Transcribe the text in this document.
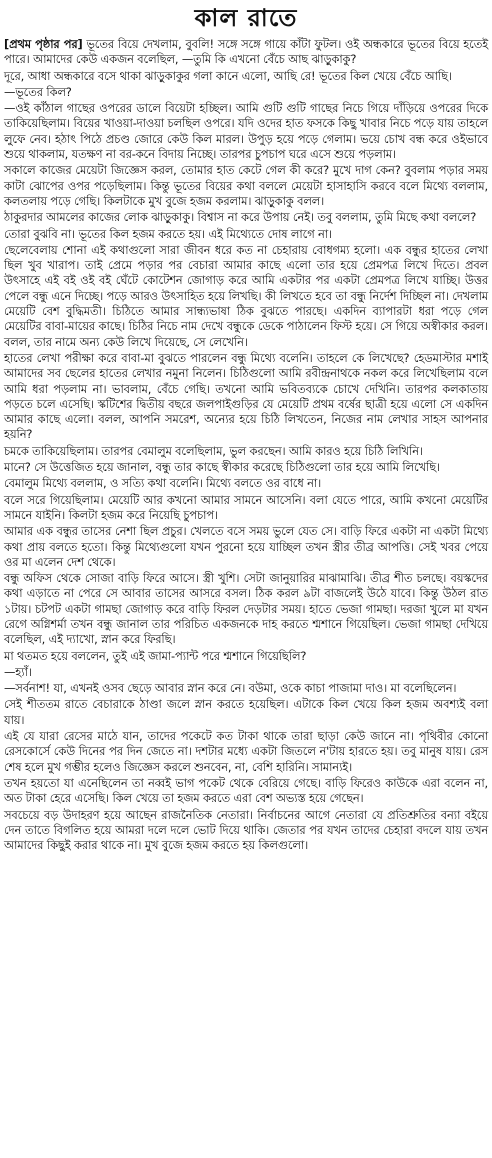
কাল রাতে

[প্রথম পৃষ্ঠার পর] ভূতের বিয়ে দেখলাম, বুবলি! সঙ্গে সঙ্গে গায়ে কাঁটা ফুটল। ওই অন্ধকারে ভূতের বিয়ে হতেই পারে। আমাদের কেউ একজন বলেছিল, —তুমি কি এখনো বেঁচে আছ ঝাড়ুকাকু?

দূরে, আধা অন্ধকারে বসে থাকা ঝাড়ুকাকুর গলা কানে এলো, আছি রে! ভূতের কিল খেয়ে বেঁচে আছি।

—ভূতের কিল?

—ওই কাঁঠাল গাছের ওপরের ডালে বিয়েটা হচ্ছিল। আমি গুটি গুটি গাছের নিচে গিয়ে দাঁড়িয়ে ওপরের দিকে তাকিয়েছিলাম। বিয়ের খাওয়া-দাওয়া চলছিল ওপরে। যদি ওদের হাত ফসকে কিছু খাবার নিচে পড়ে যায় তাহলে লুফে নেব। হঠাৎ পিঠে প্রচণ্ড জোরে কেউ কিল মারল। উপুড় হয়ে পড়ে গেলাম। ভয়ে চোখ বন্ধ করে ওইভাবে শুয়ে থাকলাম, যতক্ষণ না বর-কনে বিদায় নিচ্ছে। তারপর চুপচাপ ঘরে এসে শুয়ে পড়লাম।

সকালে কাজের মেয়েটা জিজ্ঞেস করল, তোমার হাত কেটে গেল কী করে? মুখে দাগ কেন? বুবলাম পড়ার সময় কাটা ঝোপের ওপর পড়েছিলাম। কিন্তু ভূতের বিয়ের কথা বললে মেয়েটা হাসাহাসি করবে বলে মিথ্যে বললাম, কলতলায় পড়ে গেছি। কিলটাকে মুখ বুজে হজম করলাম। ঝাড়ুকাকু বলল।

ঠাকুরদার আমলের কাজের লোক ঝাড়ুকাকু। বিশ্বাস না করে উপায় নেই। তবু বললাম, তুমি মিছে কথা বললে?

তোরা বুঝবি না। ভূতের কিল হজম করতে হয়। এই মিথ্যেতে দোষ লাগে না।

ছেলেবেলায় শোনা এই কথাগুলো সারা জীবন ধরে কত না চেহারায় বোধগম্য হলো। এক বন্ধুর হাতের লেখা ছিল খুব খারাপ। তাই প্রেমে পড়ার পর বেচারা আমার কাছে এলো তার হয়ে প্রেমপত্র লিখে দিতে। প্রবল উৎসাহে এই বই ওই বই ঘেঁটে কোটেশন জোগাড় করে আমি একটার পর একটা প্রেমপত্র লিখে যাচ্ছি। উত্তর পেলে বন্ধু এনে দিচ্ছে। পড়ে আরও উৎসাহিত হয়ে লিখছি। কী লিখতে হবে তা বন্ধু নির্দেশ দিচ্ছিল না। দেখলাম মেয়েটি বেশ বুদ্ধিমতী। চিঠিতে আমার সান্ধ্যভাষা ঠিক বুঝতে পারছে। একদিন ব্যাপারটা ধরা পড়ে গেল মেয়েটির বাবা-মায়ের কাছে। চিঠির নিচে নাম দেখে বন্ধুকে ডেকে পাঠালেন ফিস্ট হয়ে। সে গিয়ে অস্বীকার করল। বলল, তার নামে অন্য কেউ লিখে দিয়েছে, সে লেখেনি।

হাতের লেখা পরীক্ষা করে বাবা-মা বুঝতে পারলেন বন্ধু মিথ্যে বলেনি। তাহলে কে লিখেছে? হেডমাস্টার মশাই আমাদের সব ছেলের হাতের লেখার নমুনা নিলেন। চিঠিগুলো আমি রবীন্দ্রনাথকে নকল করে লিখেছিলাম বলে আমি ধরা পড়লাম না। ভাবলাম, বেঁচে গেছি। তখনো আমি ভবিতব্যকে চোখে দেখিনি। তারপর কলকাতায় পড়তে চলে এসেছি। স্কটিশের দ্বিতীয় বছরে জলপাইগুড়ির যে মেয়েটি প্রথম বর্ষের ছাত্রী হয়ে এলো সে একদিন আমার কাছে এলো। বলল, আপনি সমরেশ, অন্যের হয়ে চিঠি লিখতেন, নিজের নাম লেখার সাহস আপনার হয়নি?

চমকে তাকিয়েছিলাম। তারপর বেমালুম বলেছিলাম, ভুল করছেন। আমি কারও হয়ে চিঠি লিখিনি।

মানে? সে উত্তেজিত হয়ে জানাল, বন্ধু তার কাছে স্বীকার করেছে চিঠিগুলো তার হয়ে আমি লিখেছি।

বেমালুম মিথ্যে বললাম, ও সত্যি কথা বলেনি। মিথ্যে বলতে ওর বাধে না।

বলে সরে গিয়েছিলাম। মেয়েটি আর কখনো আমার সামনে আসেনি। বলা যেতে পারে, আমি কখনো মেয়েটির সামনে যাইনি। কিলটা হজম করে নিয়েছি চুপচাপ।

আমার এক বন্ধুর তাসের নেশা ছিল প্রচুর। খেলতে বসে সময় ভুলে যেত সে। বাড়ি ফিরে একটা না একটা মিথ্যে কথা প্রায় বলতে হতো। কিন্তু মিথ্যেগুলো যখন পুরনো হয়ে যাচ্ছিল তখন স্ত্রীর তীব্র আপত্তি। সেই খবর পেয়ে ওর মা এলেন দেশ থেকে।

বন্ধু অফিস থেকে সোজা বাড়ি ফিরে আসে। স্ত্রী খুশি। সেটা জানুয়ারির মাঝামাঝি। তীব্র শীত চলছে। বয়স্কদের কথা এড়াতে না পেরে সে আবার তাসের আসরে বসল। ঠিক করল ৯টা বাজলেই উঠে যাবে। কিন্তু উঠল রাত ১টায়। চটপট একটা গামছা জোগাড় করে বাড়ি ফিরল দেড়টার সময়। হাতে ভেজা গামছা। দরজা খুলে মা যখন রেগে অগ্নিশর্মা তখন বন্ধু জানাল তার পরিচিত একজনকে দাহ করতে শ্মশানে গিয়েছিল। ভেজা গামছা দেখিয়ে বলেছিল, এই দ্যাখো, স্নান করে ফিরছি।

মা থতমত হয়ে বললেন, তুই এই জামা-প্যান্ট পরে শ্মশানে গিয়েছিলি?

—হ্যাঁ।

—সর্বনাশ! যা, এখনই ওসব ছেড়ে আবার স্নান করে নে। বউমা, ওকে কাচা পাজামা দাও। মা বলেছিলেন।

সেই শীততম রাতে বেচারাকে ঠাণ্ডা জলে স্নান করতে হয়েছিল। এটাকে কিল খেয়ে কিল হজম অবশ্যই বলা যায়।

এই যে যারা রেসের মাঠে যান, তাদের পকেটে কত টাকা থাকে তারা ছাড়া কেউ জানে না। পৃথিবীর কোনো রেসকোর্সে কেউ দিনের পর দিন জেতে না। দশটার মধ্যে একটা জিতলে ন'টায় হারতে হয়। তবু মানুষ যায়। রেস শেষ হলে মুখ গম্ভীর হলেও জিজ্ঞেস করলে শুনবেন, না, বেশি হারিনি। সামান্যই।

তখন হয়তো যা এনেছিলেন তা নব্বই ভাগ পকেট থেকে বেরিয়ে গেছে। বাড়ি ফিরেও কাউকে এরা বলেন না, অত টাকা হেরে এসেছি। কিল খেয়ে তা হজম করতে এরা বেশ অভ্যস্ত হয়ে গেছেন।

সবচেয়ে বড় উদাহরণ হয়ে আছেন রাজনৈতিক নেতারা। নির্বাচনের আগে নেতারা যে প্রতিশ্রুতির বন্যা বইয়ে দেন তাতে বিগলিত হয়ে আমরা দলে দলে ভোট দিয়ে থাকি। জেতার পর যখন তাদের চেহারা বদলে যায় তখন আমাদের কিছুই করার থাকে না। মুখ বুজে হজম করতে হয় কিলগুলো।
